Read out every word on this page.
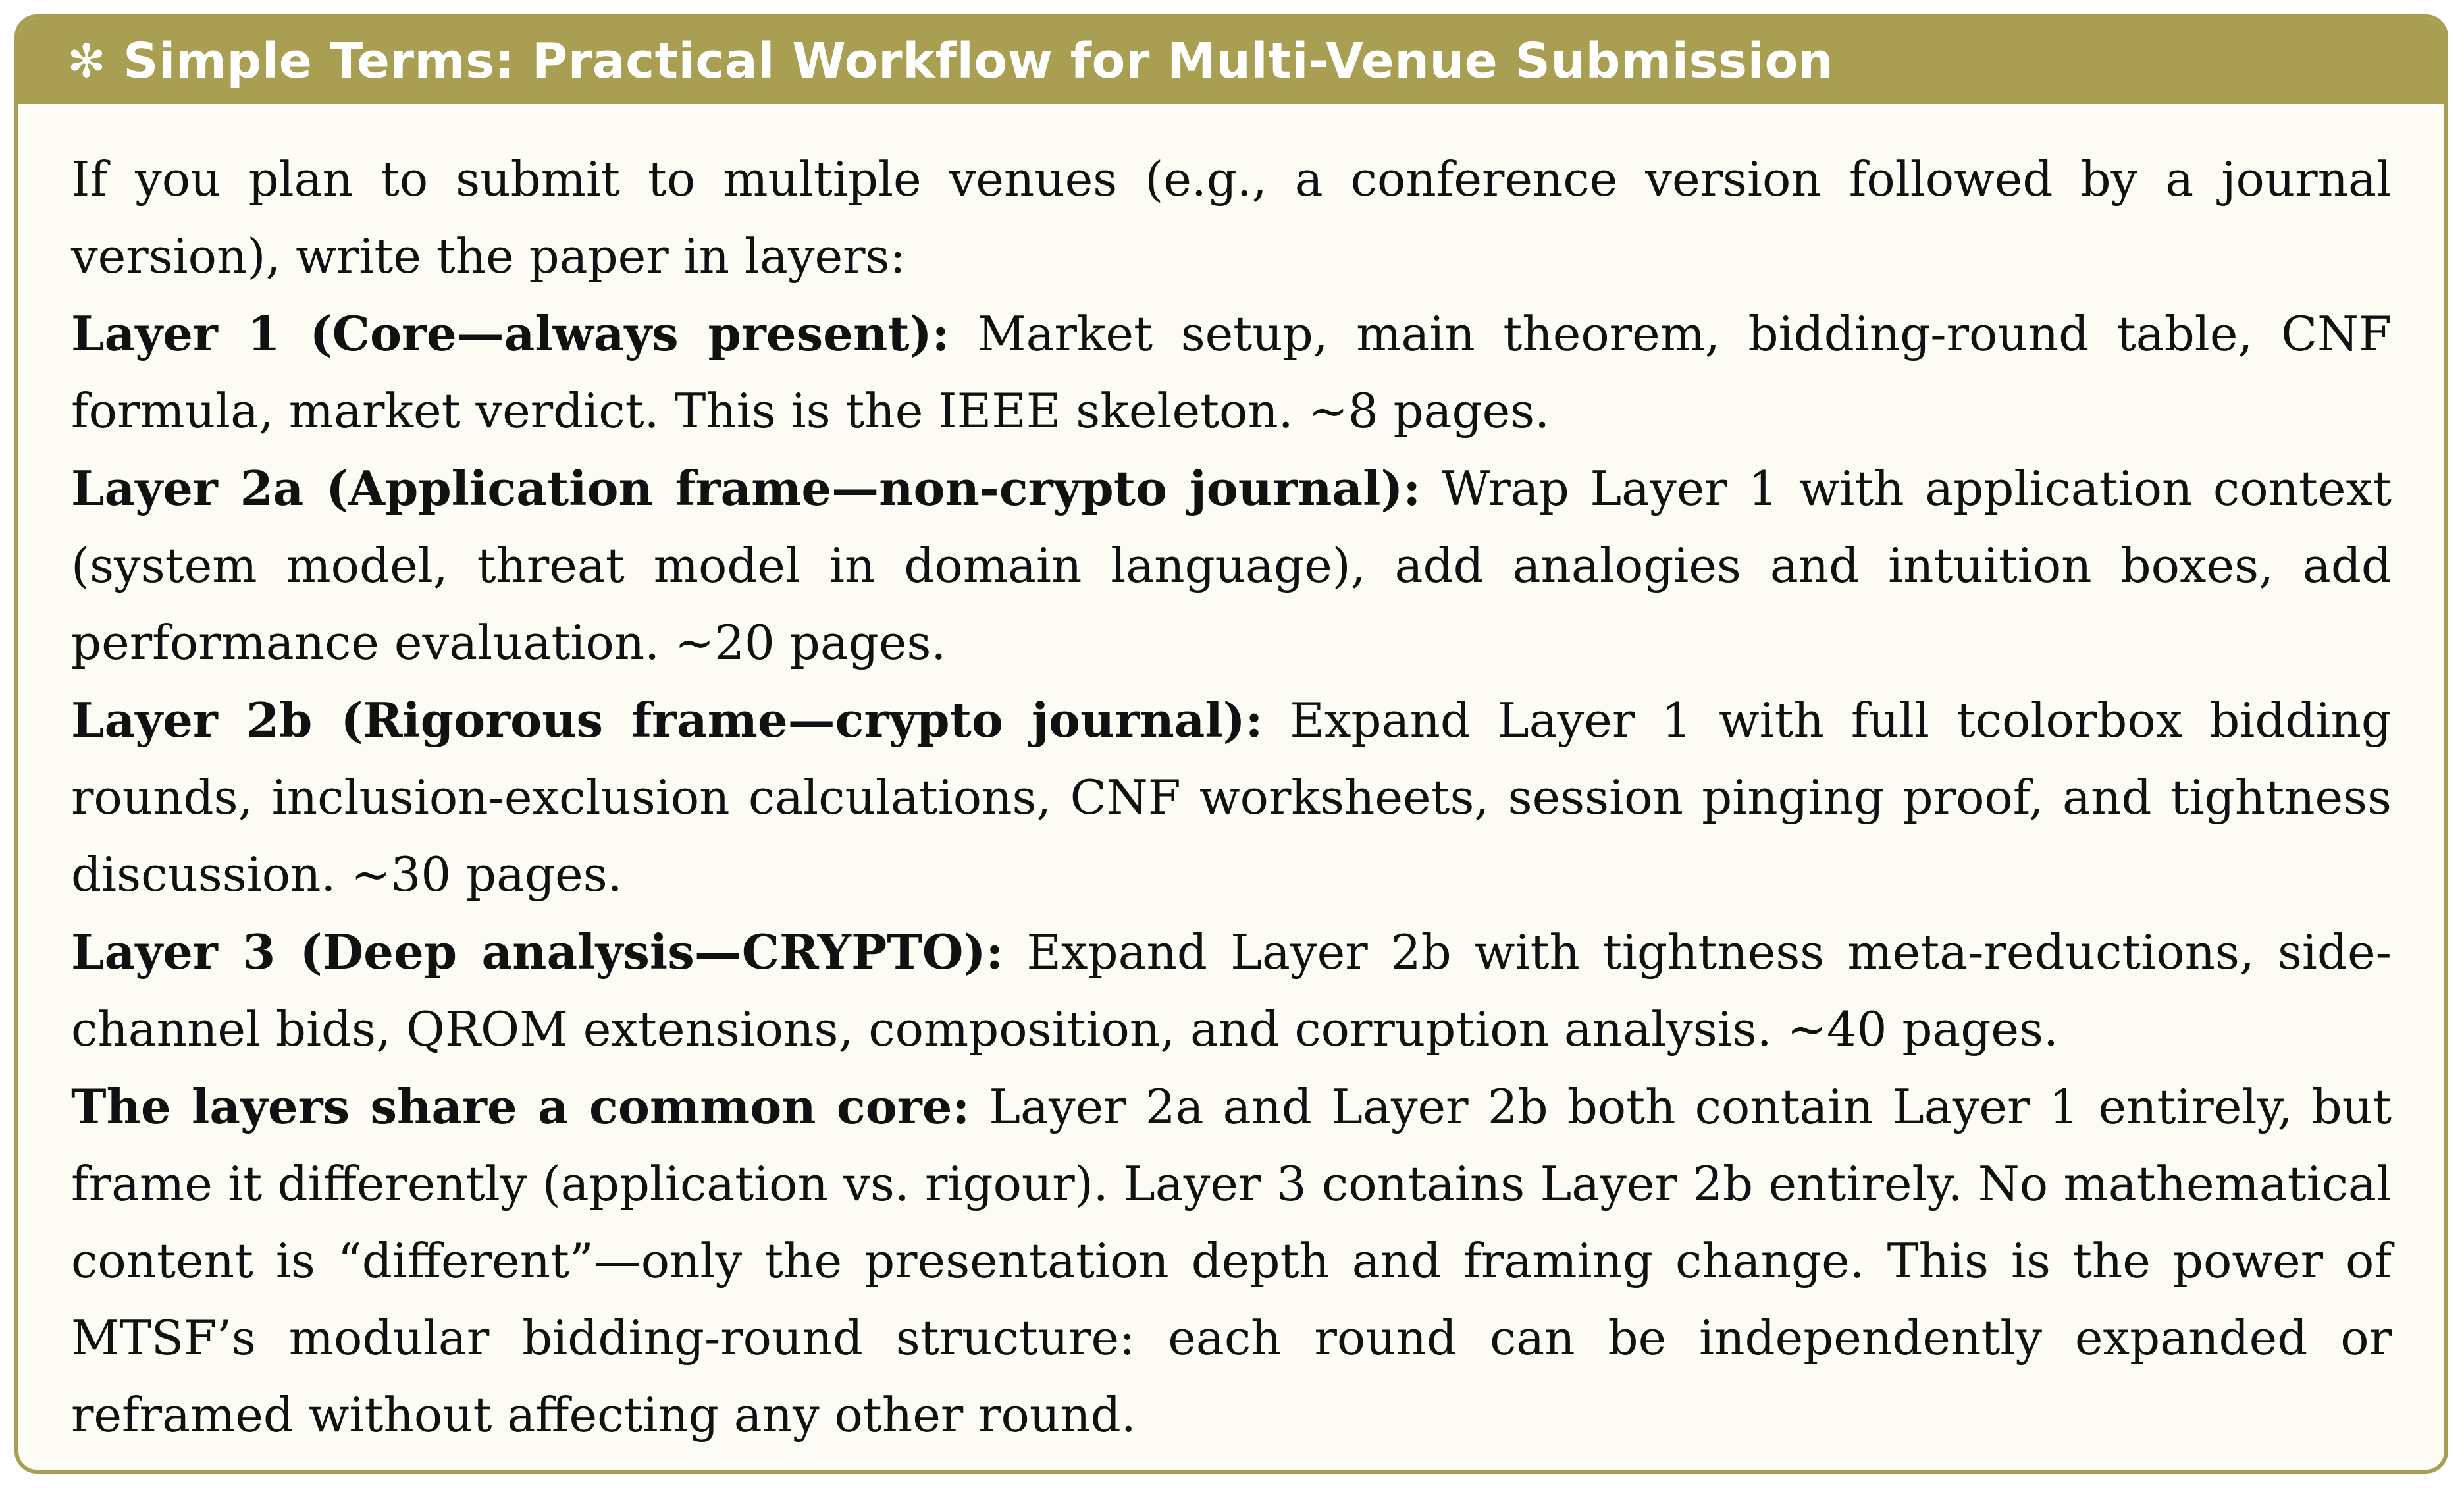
✻ Simple Terms: Practical Workflow for Multi-Venue Submission

If you plan to submit to multiple venues (e.g., a conference version followed by a journal version), write the paper in layers:

Layer 1 (Core—always present): Market setup, main theorem, bidding-round table, CNF formula, market verdict. This is the IEEE skeleton. ∼8 pages.

Layer 2a (Application frame—non-crypto journal): Wrap Layer 1 with application context (system model, threat model in domain language), add analogies and intuition boxes, add performance evaluation. ∼20 pages.

Layer 2b (Rigorous frame—crypto journal): Expand Layer 1 with full tcolorbox bidding rounds, inclusion-exclusion calculations, CNF worksheets, session pinging proof, and tightness discussion. ∼30 pages.

Layer 3 (Deep analysis—CRYPTO): Expand Layer 2b with tightness meta-reductions, side-channel bids, QROM extensions, composition, and corruption analysis. ∼40 pages.

The layers share a common core: Layer 2a and Layer 2b both contain Layer 1 entirely, but frame it differently (application vs. rigour). Layer 3 contains Layer 2b entirely. No mathematical content is “different”—only the presentation depth and framing change. This is the power of MTSF’s modular bidding-round structure: each round can be independently expanded or reframed without affecting any other round.
